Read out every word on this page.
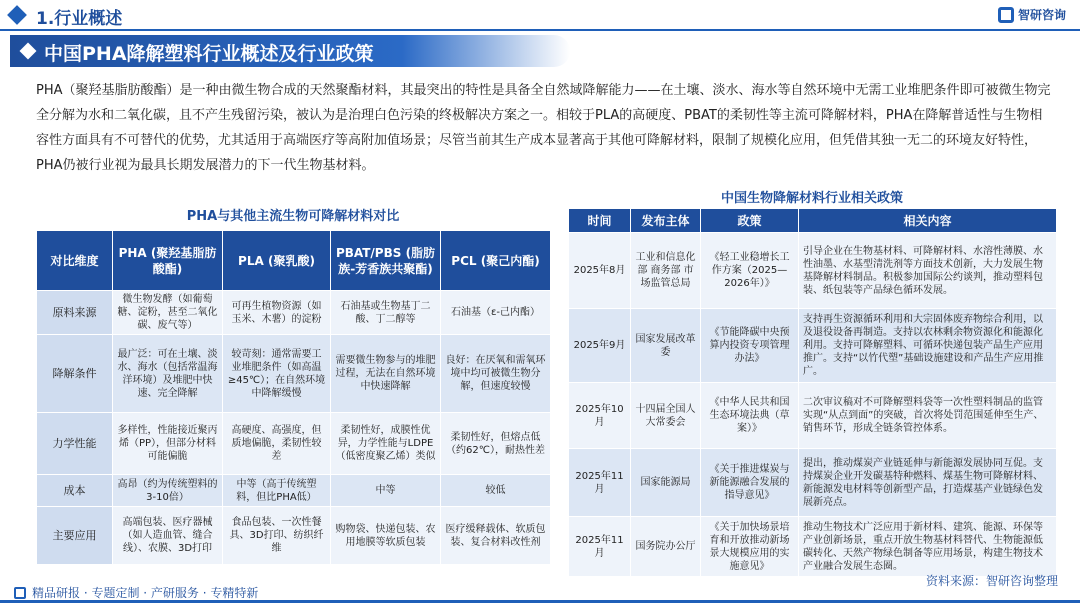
1.行业概述	智研咨询
中国PHA降解塑料行业概述及行业政策

PHA（聚羟基脂肪酸酯）是一种由微生物合成的天然聚酯材料，其最突出的特性是具备全自然域降解能力——在土壤、淡水、海水等自然环境中无需工业堆肥条件即可被微生物完全分解为水和二氧化碳，且不产生残留污染，被认为是治理白色污染的终极解决方案之一。相较于PLA的高硬度、PBAT的柔韧性等主流可降解材料，PHA在降解普适性与生物相容性方面具有不可替代的优势，尤其适用于高端医疗等高附加值场景；尽管当前其生产成本显著高于其他可降解材料，限制了规模化应用，但凭借其独一无二的环境友好特性，PHA仍被行业视为最具长期发展潜力的下一代生物基材料。

PHA与其他主流生物可降解材料对比
对比维度	PHA (聚羟基脂肪酸酯)	PLA (聚乳酸)	PBAT/PBS (脂肪族-芳香族共聚酯)	PCL (聚己内酯)
原料来源	微生物发酵（如葡萄糖、淀粉，甚至二氧化碳、废气等）	可再生植物资源（如玉米、木薯）的淀粉	石油基或生物基丁二酸、丁二醇等	石油基（ε-己内酯）
降解条件	最广泛：可在土壤、淡水、海水（包括常温海洋环境）及堆肥中快速、完全降解	较苛刻：通常需要工业堆肥条件（如高温≥45℃）；在自然环境中降解缓慢	需要微生物参与的堆肥过程，无法在自然环境中快速降解	良好：在厌氧和需氧环境中均可被微生物分解，但速度较慢
力学性能	多样性，性能接近聚丙烯（PP），但部分材料可能偏脆	高硬度、高强度，但质地偏脆，柔韧性较差	柔韧性好，成膜性优异，力学性能与LDPE（低密度聚乙烯）类似	柔韧性好，但熔点低（约62℃），耐热性差
成本	高昂（约为传统塑料的3-10倍）	中等（高于传统塑料，但比PHA低）	中等	较低
主要应用	高端包装、医疗器械（如人造血管、缝合线）、农膜、3D打印	食品包装、一次性餐具、3D打印、纺织纤维	购物袋、快递包装、农用地膜等软质包装	医疗缓释载体、软质包装、复合材料改性剂
中国生物降解材料行业相关政策
时间	发布主体	政策	相关内容
2025年8月	工业和信息化部 商务部 市场监管总局	《轻工业稳增长工作方案（2025—2026年）》	引导企业在生物基材料、可降解材料、水溶性薄膜、水性油墨、水基型清洗剂等方面技术创新，大力发展生物基降解材料制品。积极参加国际公约谈判，推动塑料包装、纸包装等产品绿色循环发展。
2025年9月	国家发展改革委	《节能降碳中央预算内投资专项管理办法》	支持再生资源循环利用和大宗固体废弃物综合利用，以及退役设备再制造。支持以农林剩余物资源化和能源化利用。支持可降解塑料、可循环快递包装产品生产应用推广。支持“以竹代塑”基础设施建设和产品生产应用推广。
2025年10月	十四届全国人大常委会	《中华人民共和国生态环境法典（草案）》	二次审议稿对不可降解塑料袋等一次性塑料制品的监管实现“从点到面”的突破，首次将处罚范围延伸至生产、销售环节，形成全链条管控体系。
2025年11月	国家能源局	《关于推进煤炭与新能源融合发展的指导意见》	提出，推动煤炭产业链延伸与新能源发展协同互促。支持煤炭企业开发碳基特种燃料、煤基生物可降解材料、新能源发电材料等创新型产品，打造煤基产业链绿色发展新亮点。
2025年11月	国务院办公厅	《关于加快场景培育和开放推动新场景大规模应用的实施意见》	推动生物技术广泛应用于新材料、建筑、能源、环保等产业创新场景，重点开放生物基材料替代、生物能源低碳转化、天然产物绿色制备等应用场景，构建生物技术产业融合发展生态圈。
精品研报 · 专题定制 · 产研服务 · 专精特新
资料来源：智研咨询整理
